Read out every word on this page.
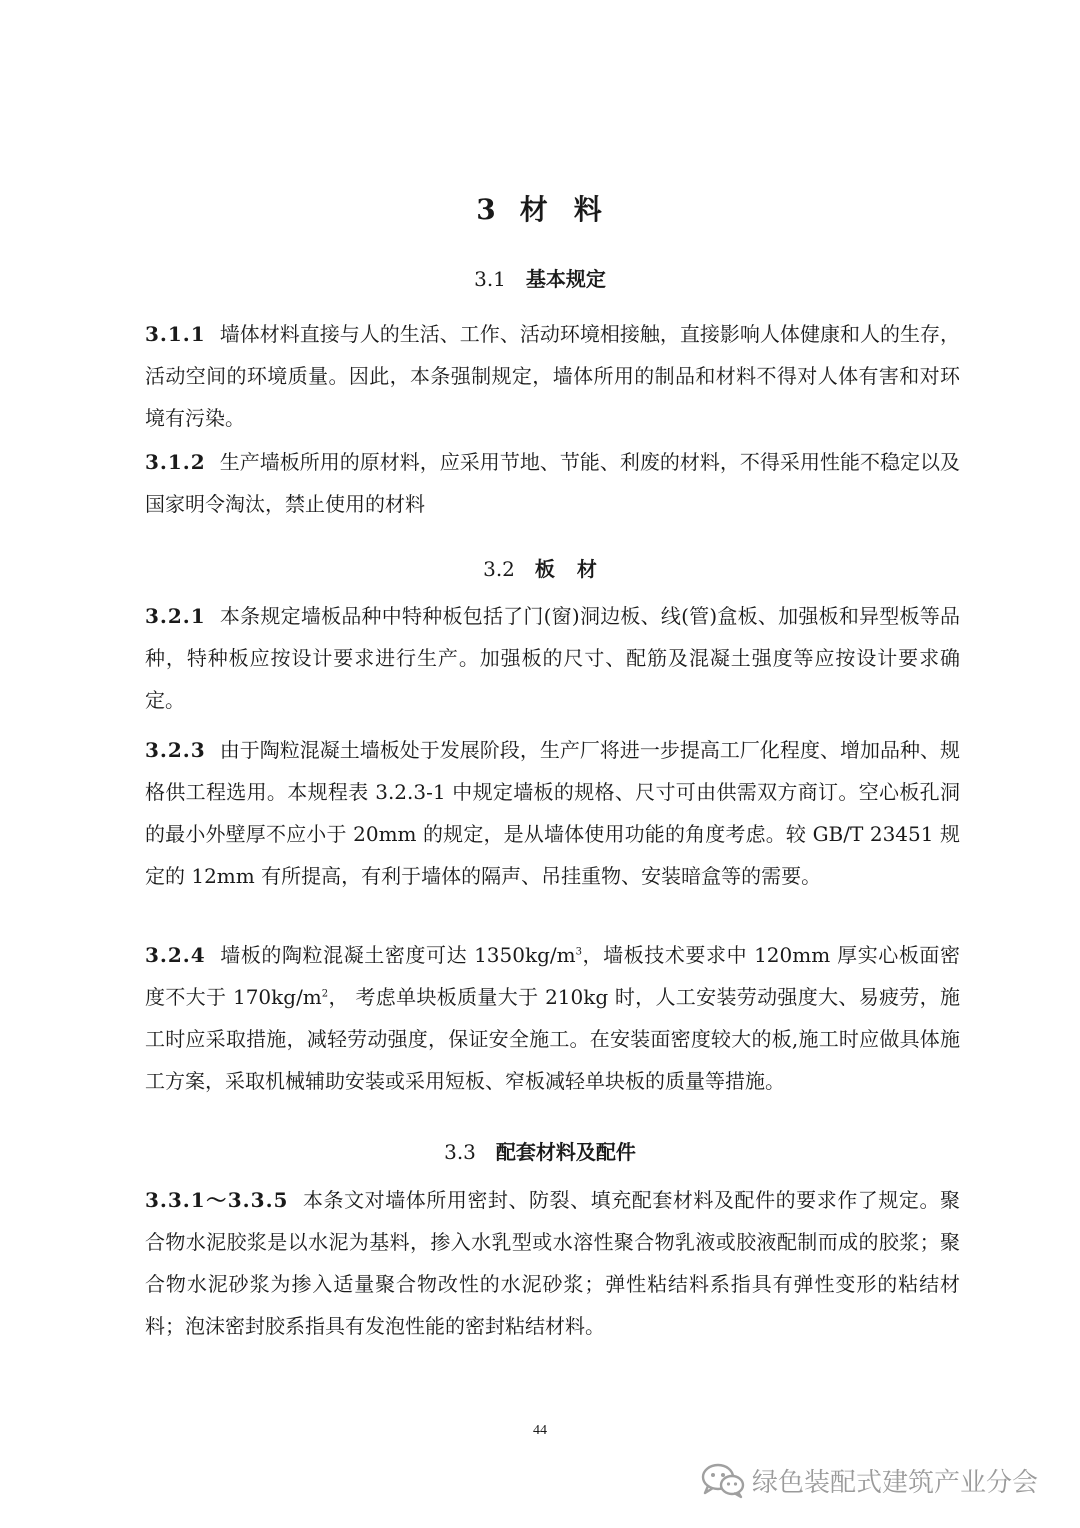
3 材 料
3.1 基本规定

3.1.1 墙体材料直接与人的生活、工作、活动环境相接触，直接影响人体健康和人的生存，活动空间的环境质量。因此，本条强制规定，墙体所用的制品和材料不得对人体有害和对环境有污染。

3.1.2 生产墙板所用的原材料，应采用节地、节能、利废的材料，不得采用性能不稳定以及国家明令淘汰，禁止使用的材料

3.2 板 材

3.2.1 本条规定墙板品种中特种板包括了门(窗)洞边板、线(管)盒板、加强板和异型板等品种，特种板应按设计要求进行生产。加强板的尺寸、配筋及混凝土强度等应按设计要求确定。

3.2.3 由于陶粒混凝土墙板处于发展阶段，生产厂将进一步提高工厂化程度、增加品种、规格供工程选用。本规程表 3.2.3-1 中规定墙板的规格、尺寸可由供需双方商订。空心板孔洞的最小外壁厚不应小于 20mm 的规定，是从墙体使用功能的角度考虑。较 GB/T 23451 规定的 12mm 有所提高，有利于墙体的隔声、吊挂重物、安装暗盒等的需要。

3.2.4 墙板的陶粒混凝土密度可达 $1350kg/m^3$，墙板技术要求中 120mm 厚实心板面密度不大于 $170kg/m^2$， 考虑单块板质量大于 210kg 时，人工安装劳动强度大、易疲劳，施工时应采取措施，减轻劳动强度，保证安全施工。在安装面密度较大的板,施工时应做具体施工方案，采取机械辅助安装或采用短板、窄板减轻单块板的质量等措施。

3.3 配套材料及配件

3.3.1～3.3.5 本条文对墙体所用密封、防裂、填充配套材料及配件的要求作了规定。聚合物水泥胶浆是以水泥为基料，掺入水乳型或水溶性聚合物乳液或胶液配制而成的胶浆；聚合物水泥砂浆为掺入适量聚合物改性的水泥砂浆；弹性粘结料系指具有弹性变形的粘结材料；泡沫密封胶系指具有发泡性能的密封粘结材料。

44
绿色装配式建筑产业分会
